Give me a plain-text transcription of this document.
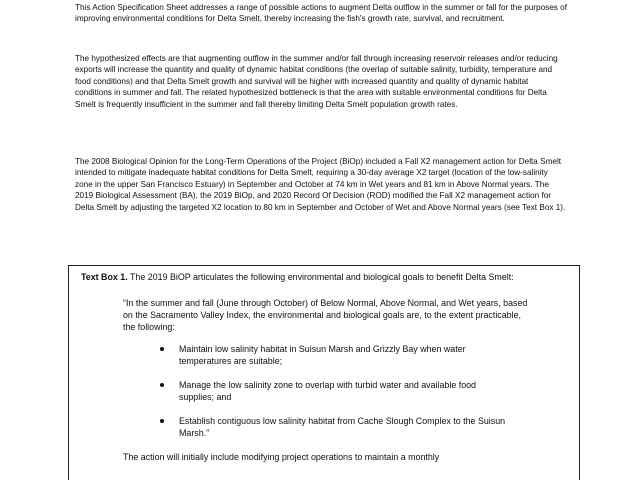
This Action Specification Sheet addresses a range of possible actions to augment Delta outflow in the summer or fall for the purposes of improving environmental conditions for Delta Smelt, thereby increasing the fish's growth rate, survival, and recruitment.

The hypothesized effects are that augmenting outflow in the summer and/or fall through increasing reservoir releases and/or reducing exports will increase the quantity and quality of dynamic habitat conditions (the overlap of suitable salinity, turbidity, temperature and food conditions) and that Delta Smelt growth and survival will be higher with increased quantity and quality of dynamic habitat conditions in summer and fall. The related hypothesized bottleneck is that the area with suitable environmental conditions for Delta Smelt is frequently insufficient in the summer and fall thereby limiting Delta Smelt population growth rates.

The 2008 Biological Opinion for the Long-Term Operations of the Project (BiOp) included a Fall X2 management action for Delta Smelt intended to mitigate inadequate habitat conditions for Delta Smelt, requiring a 30-day average X2 target (location of the low-salinity zone in the upper San Francisco Estuary) in September and October at 74 km in Wet years and 81 km in Above Normal years. The 2019 Biological Assessment (BA), the 2019 BiOp, and 2020 Record Of Decision (ROD) modified the Fall X2 management action for Delta Smelt by adjusting the targeted X2 location to 80 km in September and October of Wet and Above Normal years (see Text Box 1).

Text Box 1. The 2019 BiOP articulates the following environmental and biological goals to benefit Delta Smelt:

“In the summer and fall (June through October) of Below Normal, Above Normal, and Wet years, based on the Sacramento Valley Index, the environmental and biological goals are, to the extent practicable, the following:

Maintain low salinity habitat in Suisun Marsh and Grizzly Bay when water temperatures are suitable;
Manage the low salinity zone to overlap with turbid water and available food supplies; and
Establish contiguous low salinity habitat from Cache Slough Complex to the Suisun Marsh.”

The action will initially include modifying project operations to maintain a monthly
